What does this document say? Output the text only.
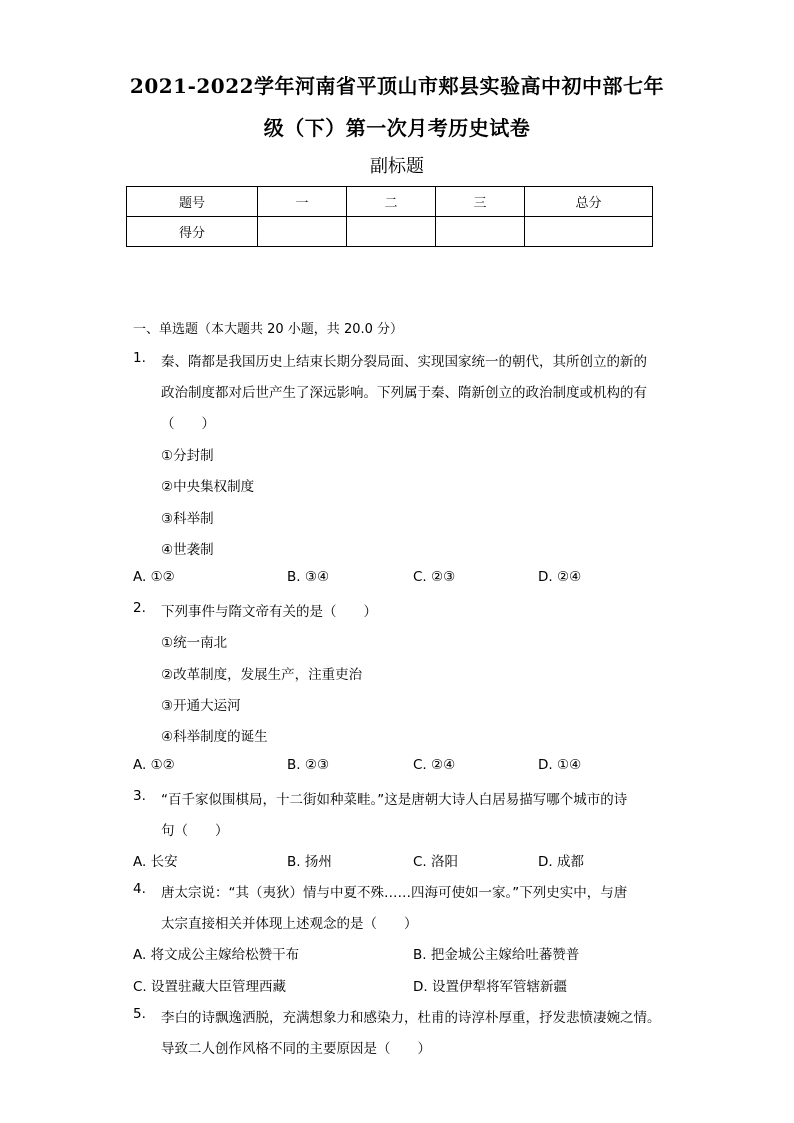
2021-2022学年河南省平顶山市郏县实验高中初中部七年
级（下）第一次月考历史试卷
副标题
题号	一	二	三	总分
得分				
一、单选题（本大题共 20 小题，共 20.0 分）
1. 秦、隋都是我国历史上结束长期分裂局面、实现国家统一的朝代，其所创立的新的
政治制度都对后世产生了深远影响。下列属于秦、隋新创立的政治制度或机构的有
（　　）
①分封制
②中央集权制度
③科举制
④世袭制
A. ①②	B. ③④	C. ②③	D. ②④
2. 下列事件与隋文帝有关的是（　　）
①统一南北
②改革制度，发展生产，注重吏治
③开通大运河
④科举制度的诞生
A. ①②	B. ②③	C. ②④	D. ①④
3. “百千家似围棋局，十二街如种菜畦。”这是唐朝大诗人白居易描写哪个城市的诗
句（　　）
A. 长安	B. 扬州	C. 洛阳	D. 成都
4. 唐太宗说：“其（夷狄）情与中夏不殊……四海可使如一家。”下列史实中，与唐
太宗直接相关并体现上述观念的是（　　）
A. 将文成公主嫁给松赞干布	B. 把金城公主嫁给吐蕃赞普
C. 设置驻藏大臣管理西藏	D. 设置伊犁将军管辖新疆
5. 李白的诗飘逸洒脱，充满想象力和感染力，杜甫的诗淳朴厚重，抒发悲愤凄婉之情。
导致二人创作风格不同的主要原因是（　　）
